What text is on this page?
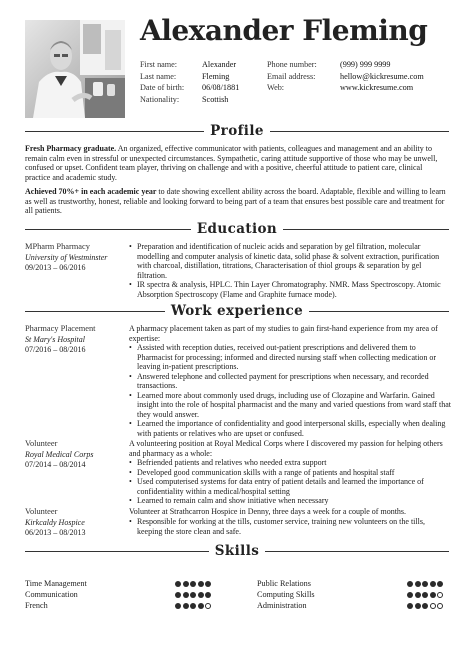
Alexander Fleming
First name:
Last name:
Date of birth:
Nationality:
Alexander
Fleming
06/08/1881
Scottish
Phone number:
Email address:
Web:
(999) 999 9999
hellow@kickresume.com
www.kickresume.com
Profile
Fresh Pharmacy graduate. An organized, effective communicator with patients, colleagues and management and an ability to remain calm even in stressful or unexpected circumstances. Sympathetic, caring attitude supportive of those who may be unwell, confused or upset. Confident team player, thriving on challenge and with a positive, cheerful attitude to patient care, clinical practice and academic study.
Achieved 70%+ in each academic year to date showing excellent ability across the board. Adaptable, flexible and willing to learn as well as trustworthy, honest, reliable and looking forward to being part of a team that ensures best possible care and treatment for all patients.
Education
MPharm Pharmacy
University of Westminster
09/2013 – 06/2016
• Preparation and identification of nucleic acids and separation by gel filtration, molecular modelling and computer analysis of kinetic data, solid phase & solvent extraction, purification with charcoal, distillation, titrations, Characterisation of thiol groups & separation by gel filtration.
• IR spectra & analysis, HPLC. Thin Layer Chromatography. NMR. Mass Spectroscopy. Atomic Absorption Spectroscopy (Flame and Graphite furnace mode).
Work experience
Pharmacy Placement
St Mary's Hospital
07/2016 – 08/2016
A pharmacy placement taken as part of my studies to gain first-hand experience from my area of expertise:
• Assisted with reception duties, received out-patient prescriptions and delivered them to Pharmacist for processing; informed and directed nursing staff when collecting medication or leaving in-patient prescriptions.
• Answered telephone and collected payment for prescriptions when necessary, and recorded transactions.
• Learned more about commonly used drugs, including use of Clozapine and Warfarin. Gained insight into the role of hospital pharmacist and the many and varied questions from ward staff that they would answer.
• Learned the importance of confidentiality and good interpersonal skills, especially when dealing with patients or relatives who are upset or confused.
Volunteer
Royal Medical Corps
07/2014 – 08/2014
A volunteering position at Royal Medical Corps where I discovered my passion for helping others and pharmacy as a whole:
• Befriended patients and relatives who needed extra support
• Developed good communication skills with a range of patients and hospital staff
• Used computerised systems for data entry of patient details and learned the importance of confidentiality within a medical/hospital setting
• Learned to remain calm and show initiative when necessary
Volunteer
Kirkcaldy Hospice
06/2013 – 08/2013
Volunteer at Strathcarron Hospice in Denny, three days a week for a couple of months.
• Responsible for working at the tills, customer service, training new volunteers on the tills, keeping the store clean and safe.
Skills
Time Management
Communication
French
Public Relations
Computing Skills
Administration
